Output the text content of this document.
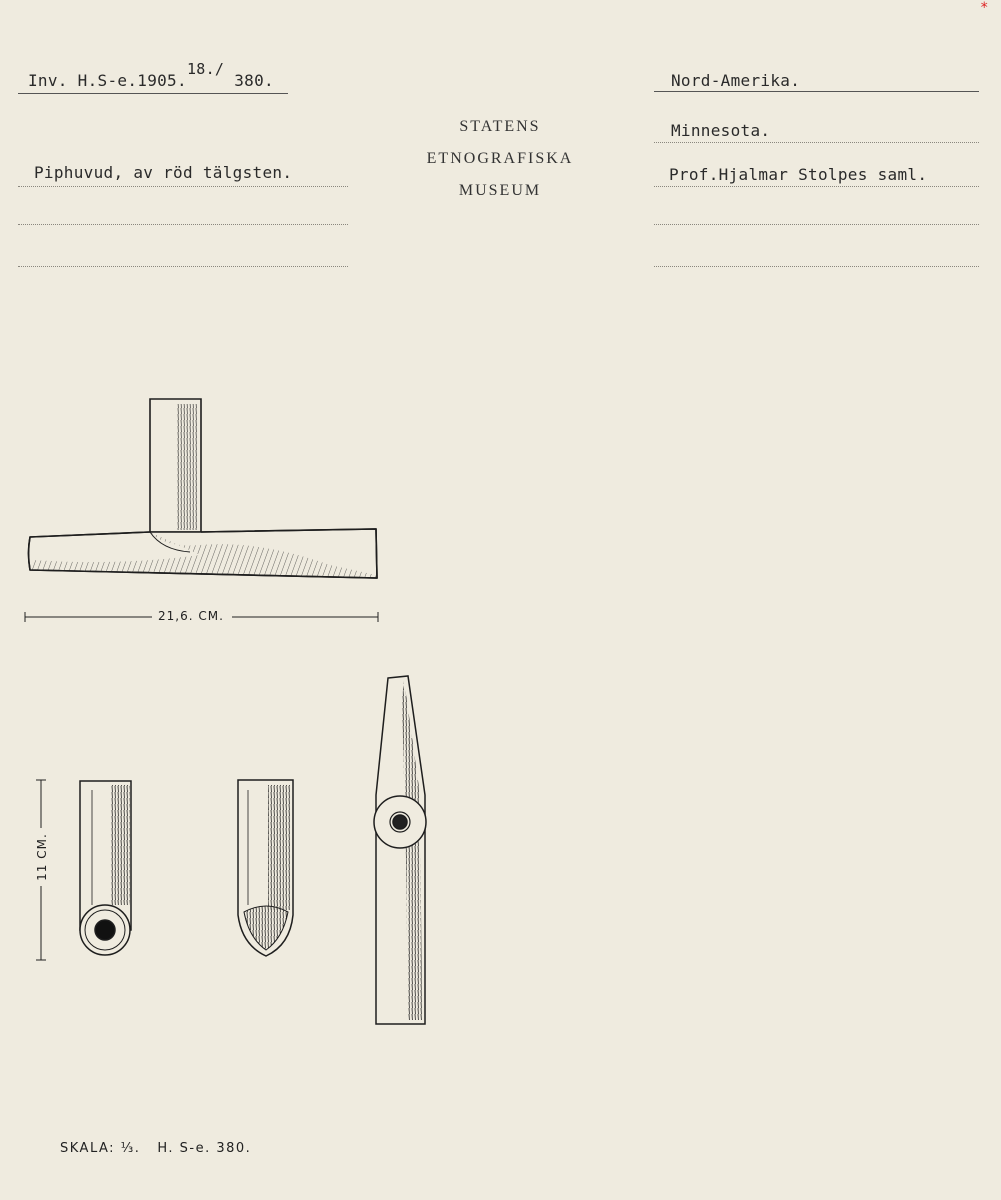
Inv. H.S-e.1905.18./ 380.
Piphuvud, av röd tälgsten.
STATENS
ETNOGRAFISKA
MUSEUM
Nord-Amerika.
Minnesota.
Prof.Hjalmar Stolpes saml.
*
21,6. CM.
11 CM.
SKALA: ⅓. H. S-e. 380.
